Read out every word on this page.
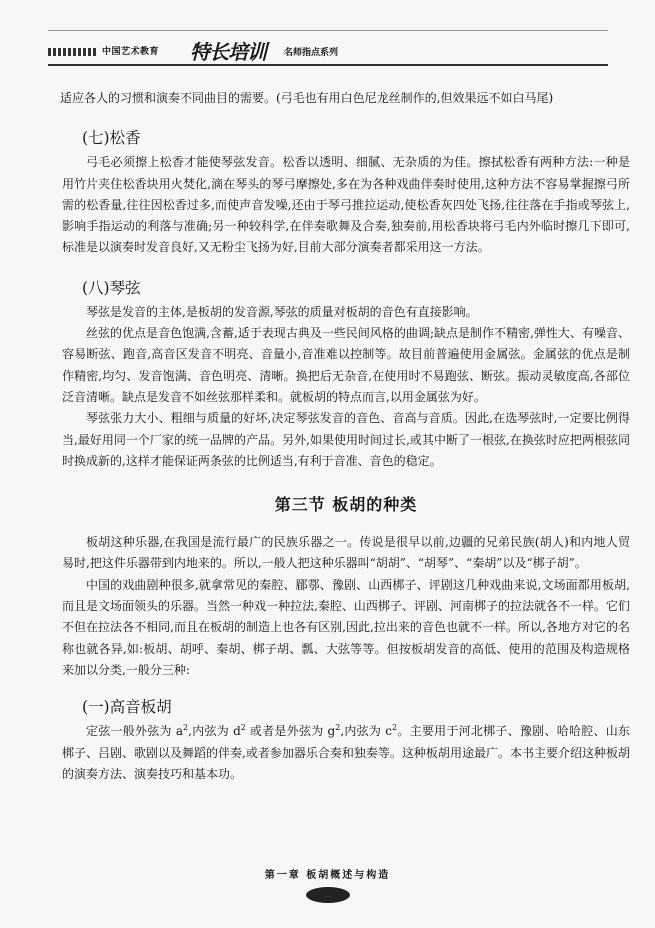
中国艺术教育 特长培训 名师指点系列

适应各人的习惯和演奏不同曲目的需要。(弓毛也有用白色尼龙丝制作的,但效果远不如白马尾)

(七)松香

弓毛必须擦上松香才能使琴弦发音。松香以透明、细腻、无杂质的为佳。擦拭松香有两种方法:一种是用竹片夹住松香块用火焚化,滴在琴头的琴弓摩擦处,多在为各种戏曲伴奏时使用,这种方法不容易掌握擦弓所需的松香量,往往因松香过多,而使声音发噪,还由于琴弓推拉运动,使松香灰四处飞扬,往往落在手指或琴弦上,影响手指运动的利落与准确;另一种较科学,在伴奏歌舞及合奏,独奏前,用松香块将弓毛内外临时擦几下即可,标准是以演奏时发音良好,又无粉尘飞扬为好,目前大部分演奏者都采用这一方法。

(八)琴弦

琴弦是发音的主体,是板胡的发音源,琴弦的质量对板胡的音色有直接影响。

丝弦的优点是音色饱满,含蓄,适于表现古典及一些民间风格的曲调;缺点是制作不精密,弹性大、有噪音、容易断弦、跑音,高音区发音不明亮、音量小,音准难以控制等。故目前普遍使用金属弦。金属弦的优点是制作精密,均匀、发音饱满、音色明亮、清晰。换把后无杂音,在使用时不易跑弦、断弦。振动灵敏度高,各部位泛音清晰。缺点是发音不如丝弦那样柔和。就板胡的特点而言,以用金属弦为好。

琴弦张力大小、粗细与质量的好坏,决定琴弦发音的音色、音高与音质。因此,在选琴弦时,一定要比例得当,最好用同一个厂家的统一品牌的产品。另外,如果使用时间过长,或其中断了一根弦,在换弦时应把两根弦同时换成新的,这样才能保证两条弦的比例适当,有利于音准、音色的稳定。

第三节 板胡的种类

板胡这种乐器,在我国是流行最广的民族乐器之一。传说是很早以前,边疆的兄弟民族(胡人)和内地人贸易时,把这件乐器带到内地来的。所以,一般人把这种乐器叫“胡胡”、“胡琴”、“秦胡”以及“梆子胡”。

中国的戏曲剧种很多,就拿常见的秦腔、郿鄠、豫剧、山西梆子、评剧这几种戏曲来说,文场面都用板胡,而且是文场面领头的乐器。当然一种戏一种拉法,秦腔、山西梆子、评剧、河南梆子的拉法就各不一样。它们不但在拉法各不相同,而且在板胡的制造上也各有区别,因此,拉出来的音色也就不一样。所以,各地方对它的名称也就各异,如:板胡、胡呼、秦胡、梆子胡、瓢、大弦等等。但按板胡发音的高低、使用的范围及构造规格来加以分类,一般分三种:

(一)高音板胡

定弦一般外弦为 $a^2$,内弦为 $d^2$ 或者是外弦为 $g^2$,内弦为 $c^2$。主要用于河北梆子、豫剧、哈哈腔、山东梆子、吕剧、歌剧以及舞蹈的伴奏,或者参加器乐合奏和独奏等。这种板胡用途最广。本书主要介绍这种板胡的演奏方法、演奏技巧和基本功。

第一章 板胡概述与构造
